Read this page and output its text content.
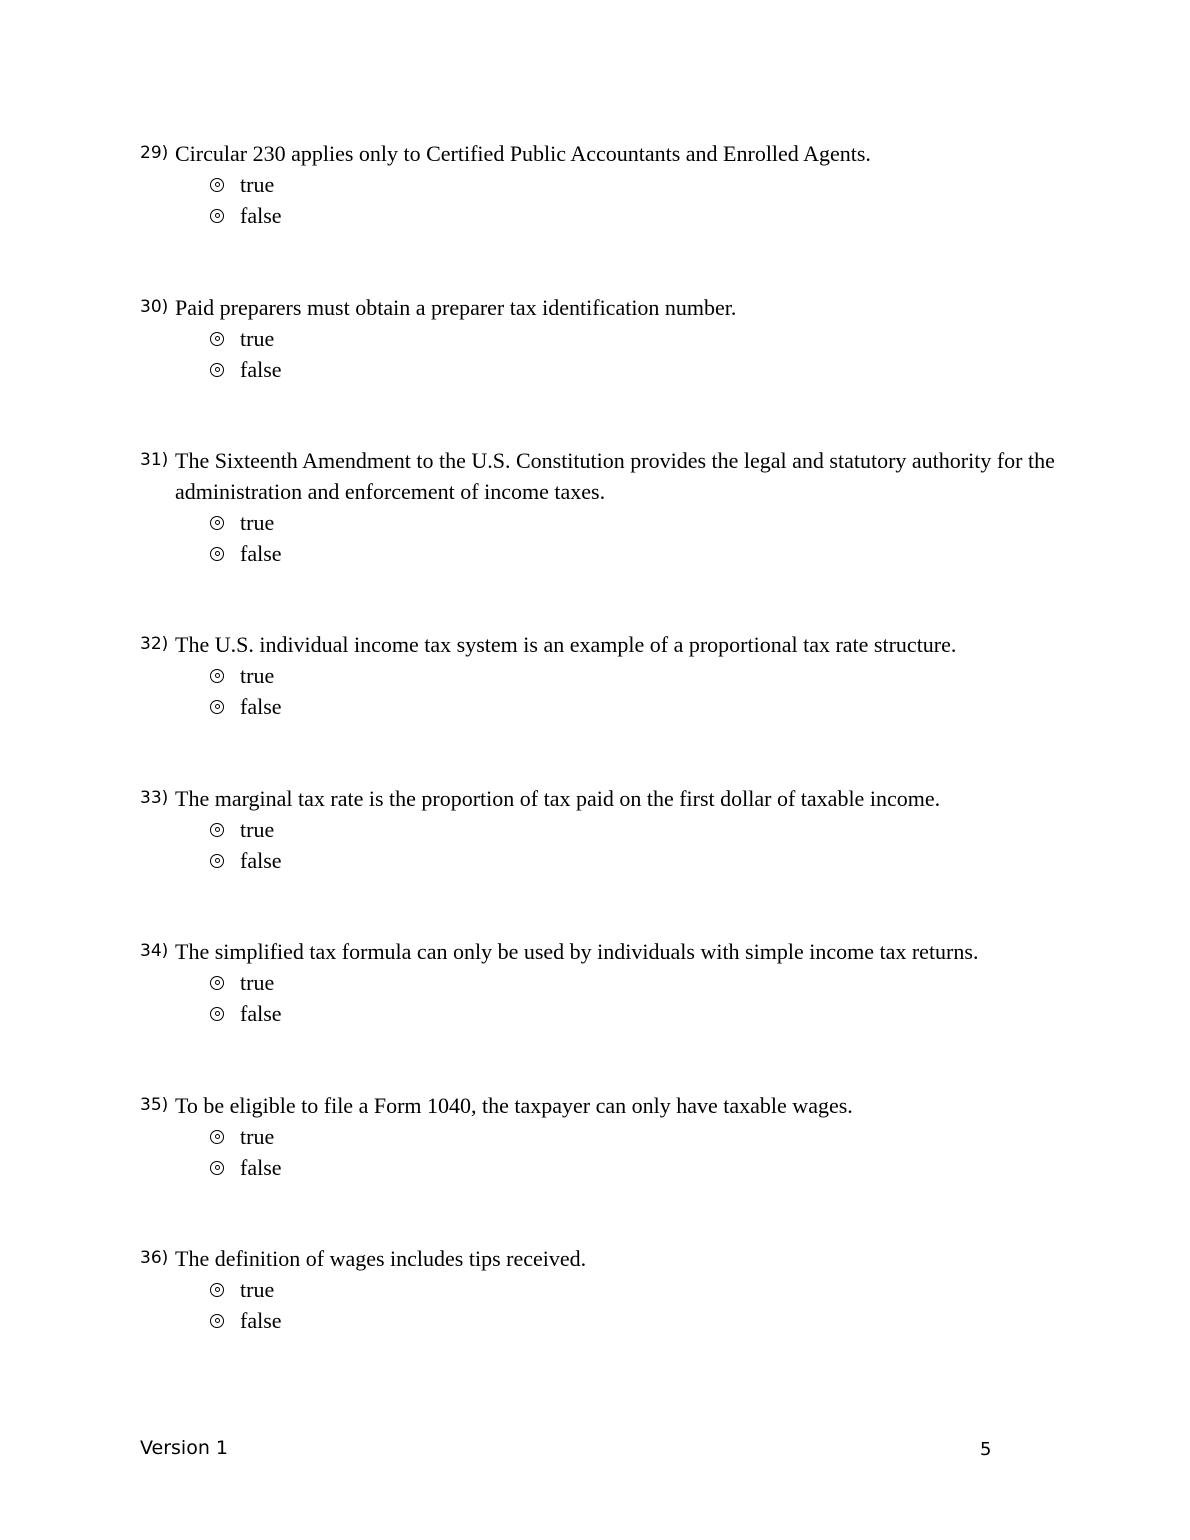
29) Circular 230 applies only to Certified Public Accountants and Enrolled Agents.
true
false
30) Paid preparers must obtain a preparer tax identification number.
true
false
31) The Sixteenth Amendment to the U.S. Constitution provides the legal and statutory authority for the administration and enforcement of income taxes.
true
false
32) The U.S. individual income tax system is an example of a proportional tax rate structure.
true
false
33) The marginal tax rate is the proportion of tax paid on the first dollar of taxable income.
true
false
34) The simplified tax formula can only be used by individuals with simple income tax returns.
true
false
35) To be eligible to file a Form 1040, the taxpayer can only have taxable wages.
true
false
36) The definition of wages includes tips received.
true
false
Version 1	5
